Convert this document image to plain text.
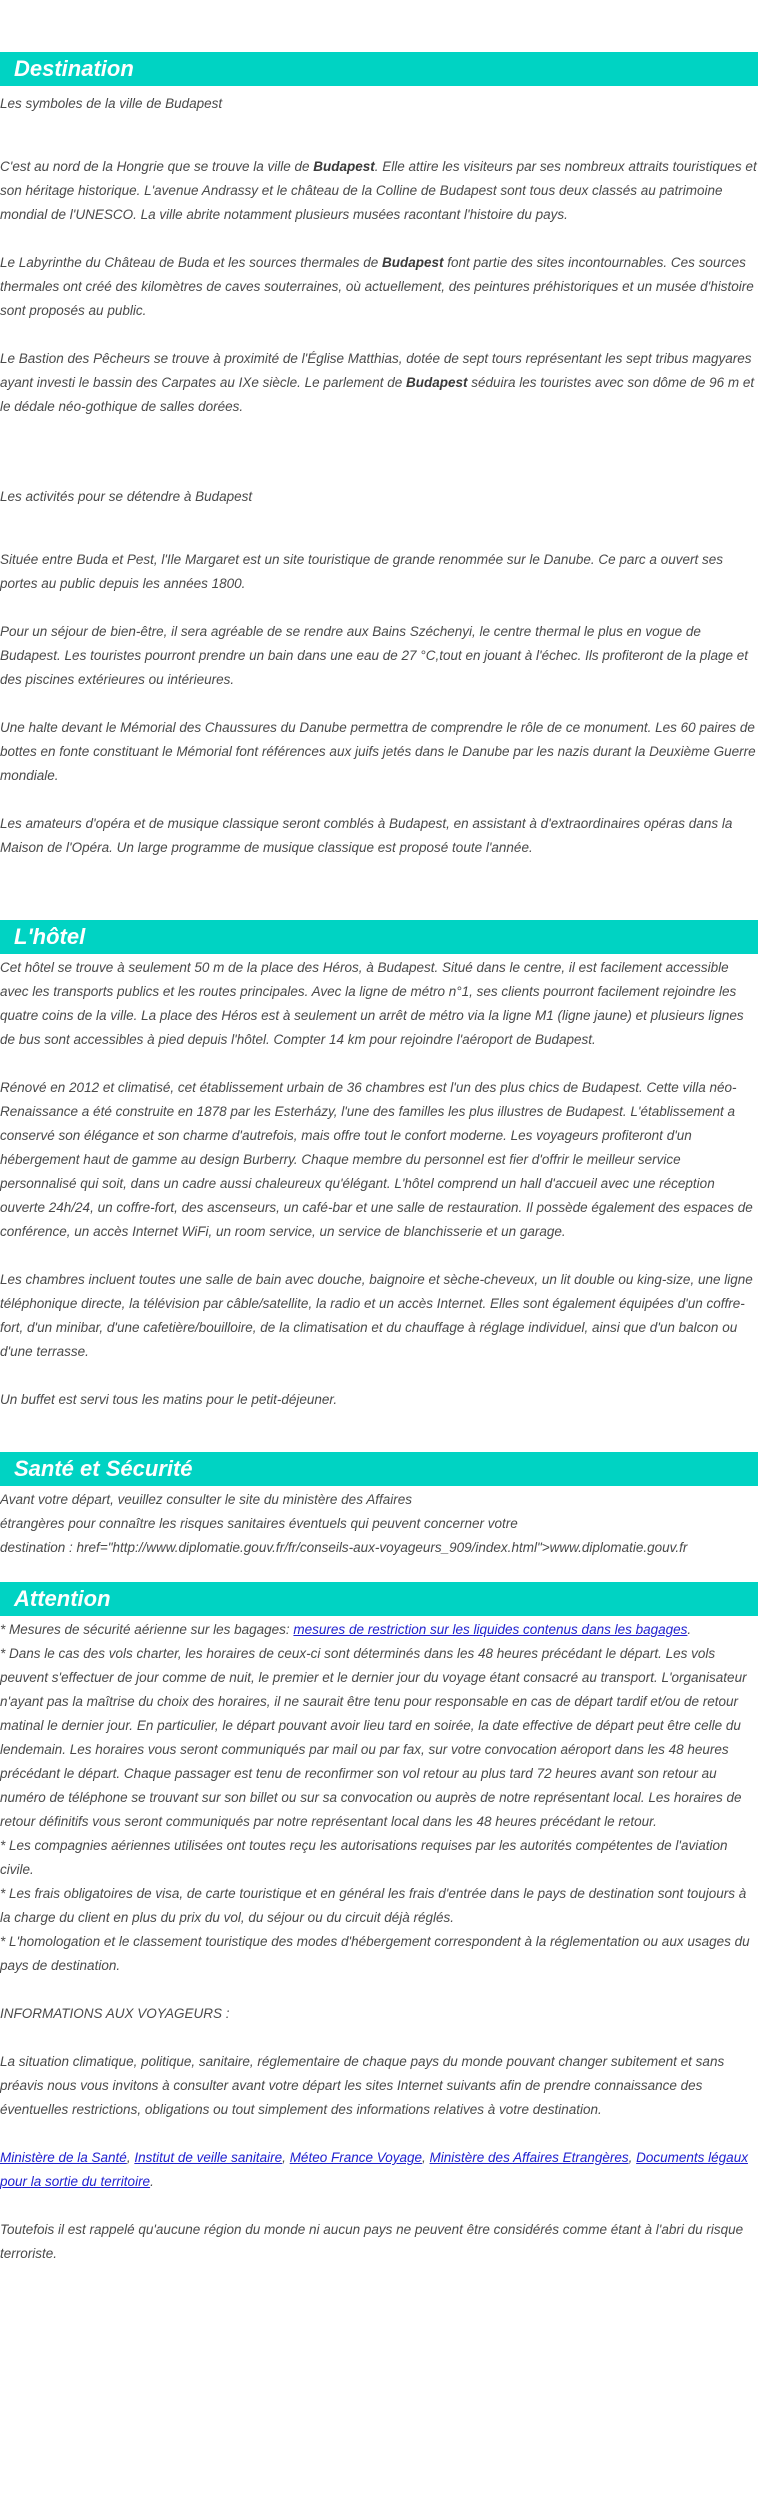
Destination

Les symboles de la ville de Budapest

C'est au nord de la Hongrie que se trouve la ville de Budapest. Elle attire les visiteurs par ses nombreux attraits touristiques et son héritage historique. L'avenue Andrassy et le château de la Colline de Budapest sont tous deux classés au patrimoine mondial de l'UNESCO. La ville abrite notamment plusieurs musées racontant l'histoire du pays.

Le Labyrinthe du Château de Buda et les sources thermales de Budapest font partie des sites incontournables. Ces sources thermales ont créé des kilomètres de caves souterraines, où actuellement, des peintures préhistoriques et un musée d'histoire sont proposés au public.

Le Bastion des Pêcheurs se trouve à proximité de l'Église Matthias, dotée de sept tours représentant les sept tribus magyares ayant investi le bassin des Carpates au IXe siècle. Le parlement de Budapest séduira les touristes avec son dôme de 96 m et le dédale néo-gothique de salles dorées.

Les activités pour se détendre à Budapest

Située entre Buda et Pest, l'Ile Margaret est un site touristique de grande renommée sur le Danube. Ce parc a ouvert ses portes au public depuis les années 1800.

Pour un séjour de bien-être, il sera agréable de se rendre aux Bains Széchenyi, le centre thermal le plus en vogue de Budapest. Les touristes pourront prendre un bain dans une eau de 27 °C,tout en jouant à l'échec. Ils profiteront de la plage et des piscines extérieures ou intérieures.

Une halte devant le Mémorial des Chaussures du Danube permettra de comprendre le rôle de ce monument. Les 60 paires de bottes en fonte constituant le Mémorial font références aux juifs jetés dans le Danube par les nazis durant la Deuxième Guerre mondiale.

Les amateurs d'opéra et de musique classique seront comblés à Budapest, en assistant à d'extraordinaires opéras dans la Maison de l'Opéra. Un large programme de musique classique est proposé toute l'année.

L'hôtel

Cet hôtel se trouve à seulement 50 m de la place des Héros, à Budapest. Situé dans le centre, il est facilement accessible avec les transports publics et les routes principales. Avec la ligne de métro n°1, ses clients pourront facilement rejoindre les quatre coins de la ville. La place des Héros est à seulement un arrêt de métro via la ligne M1 (ligne jaune) et plusieurs lignes de bus sont accessibles à pied depuis l'hôtel. Compter 14 km pour rejoindre l'aéroport de Budapest.

Rénové en 2012 et climatisé, cet établissement urbain de 36 chambres est l'un des plus chics de Budapest. Cette villa néo-Renaissance a été construite en 1878 par les Esterházy, l'une des familles les plus illustres de Budapest. L'établissement a conservé son élégance et son charme d'autrefois, mais offre tout le confort moderne. Les voyageurs profiteront d'un hébergement haut de gamme au design Burberry. Chaque membre du personnel est fier d'offrir le meilleur service personnalisé qui soit, dans un cadre aussi chaleureux qu'élégant. L'hôtel comprend un hall d'accueil avec une réception ouverte 24h/24, un coffre-fort, des ascenseurs, un café-bar et une salle de restauration. Il possède également des espaces de conférence, un accès Internet WiFi, un room service, un service de blanchisserie et un garage.

Les chambres incluent toutes une salle de bain avec douche, baignoire et sèche-cheveux, un lit double ou king-size, une ligne téléphonique directe, la télévision par câble/satellite, la radio et un accès Internet. Elles sont également équipées d'un coffre-fort, d'un minibar, d'une cafetière/bouilloire, de la climatisation et du chauffage à réglage individuel, ainsi que d'un balcon ou d'une terrasse.

Un buffet est servi tous les matins pour le petit-déjeuner.

Santé et Sécurité

Avant votre départ, veuillez consulter le site du ministère des Affaires

étrangères pour connaître les risques sanitaires éventuels qui peuvent concerner votre

destination : href="http://www.diplomatie.gouv.fr/fr/conseils-aux-voyageurs_909/index.html">www.diplomatie.gouv.fr

Attention

* Mesures de sécurité aérienne sur les bagages: mesures de restriction sur les liquides contenus dans les bagages.

* Dans le cas des vols charter, les horaires de ceux-ci sont déterminés dans les 48 heures précédant le départ. Les vols peuvent s'effectuer de jour comme de nuit, le premier et le dernier jour du voyage étant consacré au transport. L'organisateur n'ayant pas la maîtrise du choix des horaires, il ne saurait être tenu pour responsable en cas de départ tardif et/ou de retour matinal le dernier jour. En particulier, le départ pouvant avoir lieu tard en soirée, la date effective de départ peut être celle du lendemain. Les horaires vous seront communiqués par mail ou par fax, sur votre convocation aéroport dans les 48 heures précédant le départ. Chaque passager est tenu de reconfirmer son vol retour au plus tard 72 heures avant son retour au numéro de téléphone se trouvant sur son billet ou sur sa convocation ou auprès de notre représentant local. Les horaires de retour définitifs vous seront communiqués par notre représentant local dans les 48 heures précédant le retour.

* Les compagnies aériennes utilisées ont toutes reçu les autorisations requises par les autorités compétentes de l'aviation civile.

* Les frais obligatoires de visa, de carte touristique et en général les frais d'entrée dans le pays de destination sont toujours à la charge du client en plus du prix du vol, du séjour ou du circuit déjà réglés.

* L'homologation et le classement touristique des modes d'hébergement correspondent à la réglementation ou aux usages du pays de destination.

INFORMATIONS AUX VOYAGEURS :

La situation climatique, politique, sanitaire, réglementaire de chaque pays du monde pouvant changer subitement et sans préavis nous vous invitons à consulter avant votre départ les sites Internet suivants afin de prendre connaissance des éventuelles restrictions, obligations ou tout simplement des informations relatives à votre destination.

Ministère de la Santé, Institut de veille sanitaire, Méteo France Voyage, Ministère des Affaires Etrangères, Documents légaux pour la sortie du territoire.

Toutefois il est rappelé qu'aucune région du monde ni aucun pays ne peuvent être considérés comme étant à l'abri du risque terroriste.
